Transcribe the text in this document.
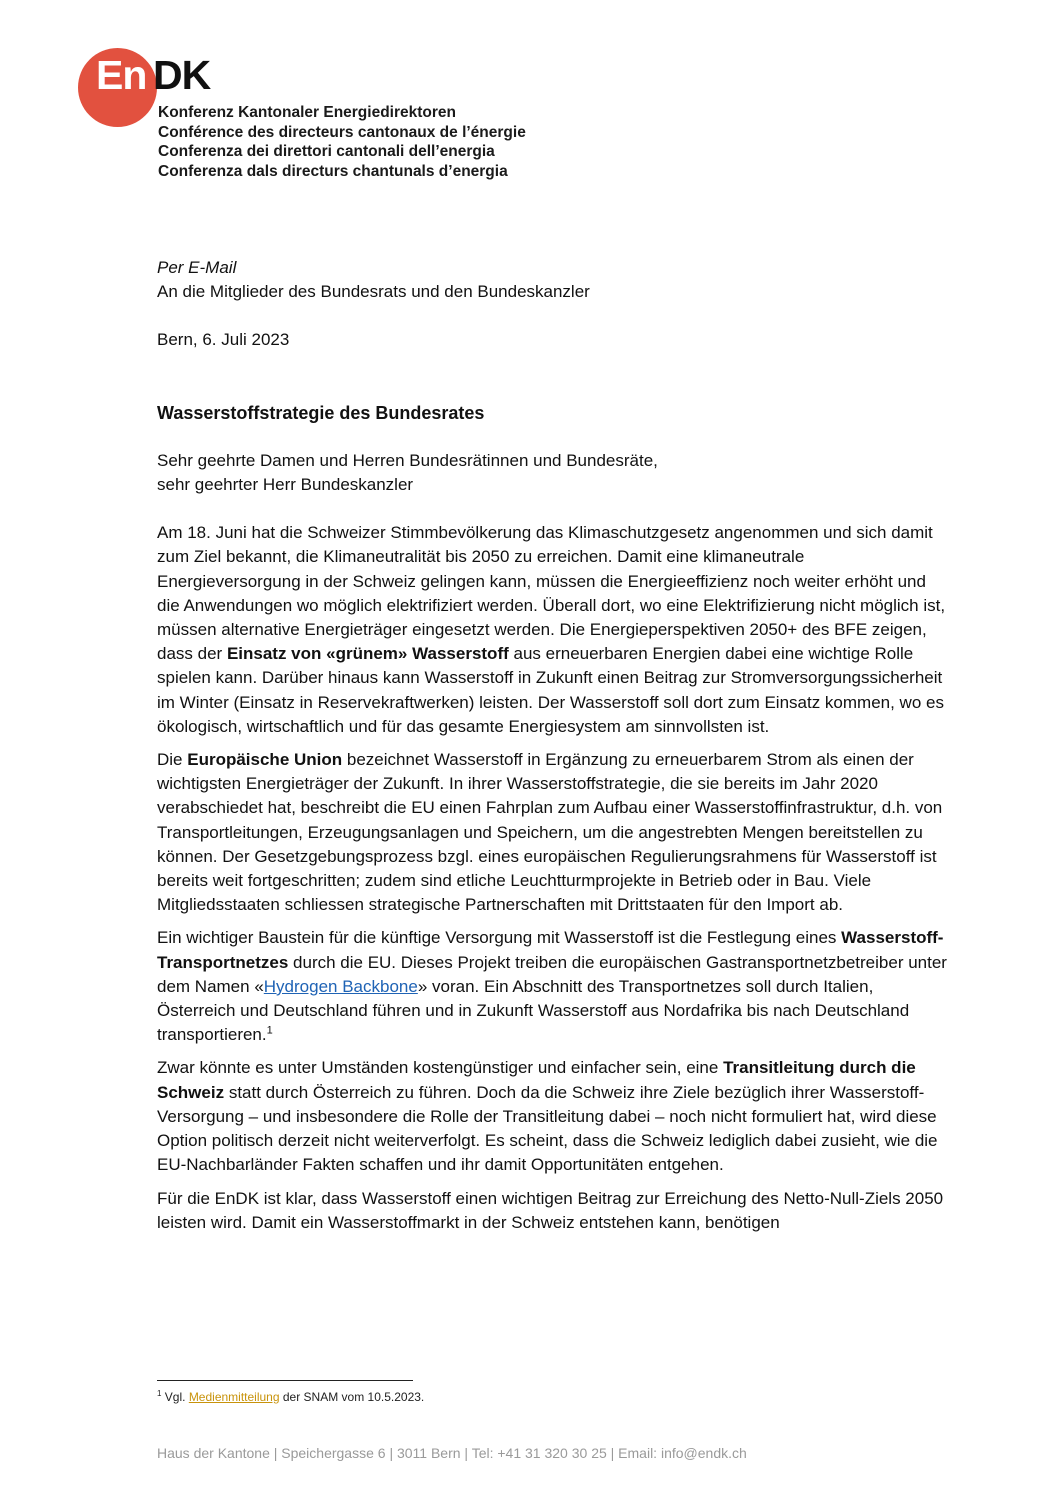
En DK
Konferenz Kantonaler Energiedirektoren
Conférence des directeurs cantonaux de l’énergie
Conferenza dei direttori cantonali dell’energia
Conferenza dals directurs chantunals d’energia

Per E-Mail

An die Mitglieder des Bundesrats und den Bundeskanzler

Bern, 6. Juli 2023

Wasserstoffstrategie des Bundesrates

Sehr geehrte Damen und Herren Bundesrätinnen und Bundesräte,

sehr geehrter Herr Bundeskanzler

Am 18. Juni hat die Schweizer Stimmbevölkerung das Klimaschutzgesetz angenommen und sich damit zum Ziel bekannt, die Klimaneutralität bis 2050 zu erreichen. Damit eine klimaneutrale Energieversorgung in der Schweiz gelingen kann, müssen die Energieeffizienz noch weiter erhöht und die Anwendungen wo möglich elektrifiziert werden. Überall dort, wo eine Elektrifizierung nicht möglich ist, müssen alternative Energieträger eingesetzt werden. Die Energieperspektiven 2050+ des BFE zeigen, dass der Einsatz von «grünem» Wasserstoff aus erneuerbaren Energien dabei eine wichtige Rolle spielen kann. Darüber hinaus kann Wasserstoff in Zukunft einen Beitrag zur Stromversorgungssicherheit im Winter (Einsatz in Reservekraftwerken) leisten. Der Wasserstoff soll dort zum Einsatz kommen, wo es ökologisch, wirtschaftlich und für das gesamte Energiesystem am sinnvollsten ist.

Die Europäische Union bezeichnet Wasserstoff in Ergänzung zu erneuerbarem Strom als einen der wichtigsten Energieträger der Zukunft. In ihrer Wasserstoffstrategie, die sie bereits im Jahr 2020 verabschiedet hat, beschreibt die EU einen Fahrplan zum Aufbau einer Wasserstoffinfrastruktur, d.h. von Transportleitungen, Erzeugungsanlagen und Speichern, um die angestrebten Mengen bereitstellen zu können. Der Gesetzgebungsprozess bzgl. eines europäischen Regulierungsrahmens für Wasserstoff ist bereits weit fortgeschritten; zudem sind etliche Leuchtturmprojekte in Betrieb oder in Bau. Viele Mitgliedsstaaten schliessen strategische Partnerschaften mit Drittstaaten für den Import ab.

Ein wichtiger Baustein für die künftige Versorgung mit Wasserstoff ist die Festlegung eines Wasserstoff-Transportnetzes durch die EU. Dieses Projekt treiben die europäischen Gastransportnetzbetreiber unter dem Namen «Hydrogen Backbone» voran. Ein Abschnitt des Transportnetzes soll durch Italien, Österreich und Deutschland führen und in Zukunft Wasserstoff aus Nordafrika bis nach Deutschland transportieren.$^1$

Zwar könnte es unter Umständen kostengünstiger und einfacher sein, eine Transitleitung durch die Schweiz statt durch Österreich zu führen. Doch da die Schweiz ihre Ziele bezüglich ihrer Wasserstoff-Versorgung – und insbesondere die Rolle der Transitleitung dabei – noch nicht formuliert hat, wird diese Option politisch derzeit nicht weiterverfolgt. Es scheint, dass die Schweiz lediglich dabei zusieht, wie die EU-Nachbarländer Fakten schaffen und ihr damit Opportunitäten entgehen.

Für die EnDK ist klar, dass Wasserstoff einen wichtigen Beitrag zur Erreichung des Netto-Null-Ziels 2050 leisten wird. Damit ein Wasserstoffmarkt in der Schweiz entstehen kann, benötigen

$^1$ Vgl. Medienmitteilung der SNAM vom 10.5.2023.
Haus der Kantone | Speichergasse 6 | 3011 Bern | Tel: +41 31 320 30 25 | Email: info@endk.ch
